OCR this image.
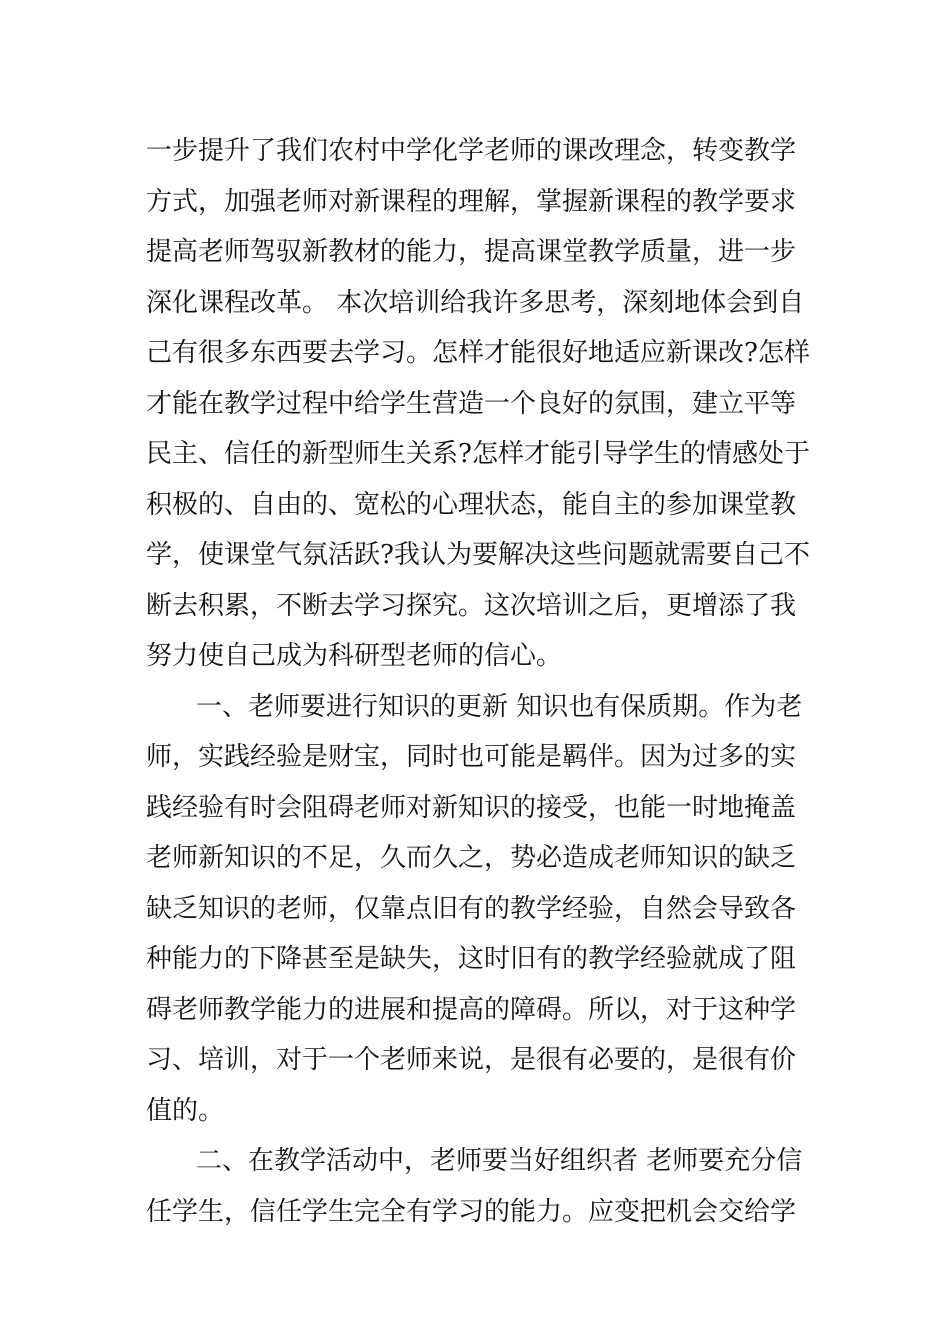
一步提升了我们农村中学化学老师的课改理念，转变教学
方式，加强老师对新课程的理解，掌握新课程的教学要求
提高老师驾驭新教材的能力，提高课堂教学质量，进一步
深化课程改革。 本次培训给我许多思考，深刻地体会到自
己有很多东西要去学习。怎样才能很好地适应新课改?怎样
才能在教学过程中给学生营造一个良好的氛围，建立平等
民主、信任的新型师生关系?怎样才能引导学生的情感处于
积极的、自由的、宽松的心理状态，能自主的参加课堂教
学，使课堂气氛活跃?我认为要解决这些问题就需要自己不
断去积累，不断去学习探究。这次培训之后，更增添了我
努力使自己成为科研型老师的信心。
一、老师要进行知识的更新 知识也有保质期。作为老
师，实践经验是财宝，同时也可能是羁伴。因为过多的实
践经验有时会阻碍老师对新知识的接受，也能一时地掩盖
老师新知识的不足，久而久之，势必造成老师知识的缺乏
缺乏知识的老师，仅靠点旧有的教学经验，自然会导致各
种能力的下降甚至是缺失，这时旧有的教学经验就成了阻
碍老师教学能力的进展和提高的障碍。所以，对于这种学
习、培训，对于一个老师来说，是很有必要的，是很有价
值的。
二、在教学活动中，老师要当好组织者 老师要充分信
任学生，信任学生完全有学习的能力。应变把机会交给学
